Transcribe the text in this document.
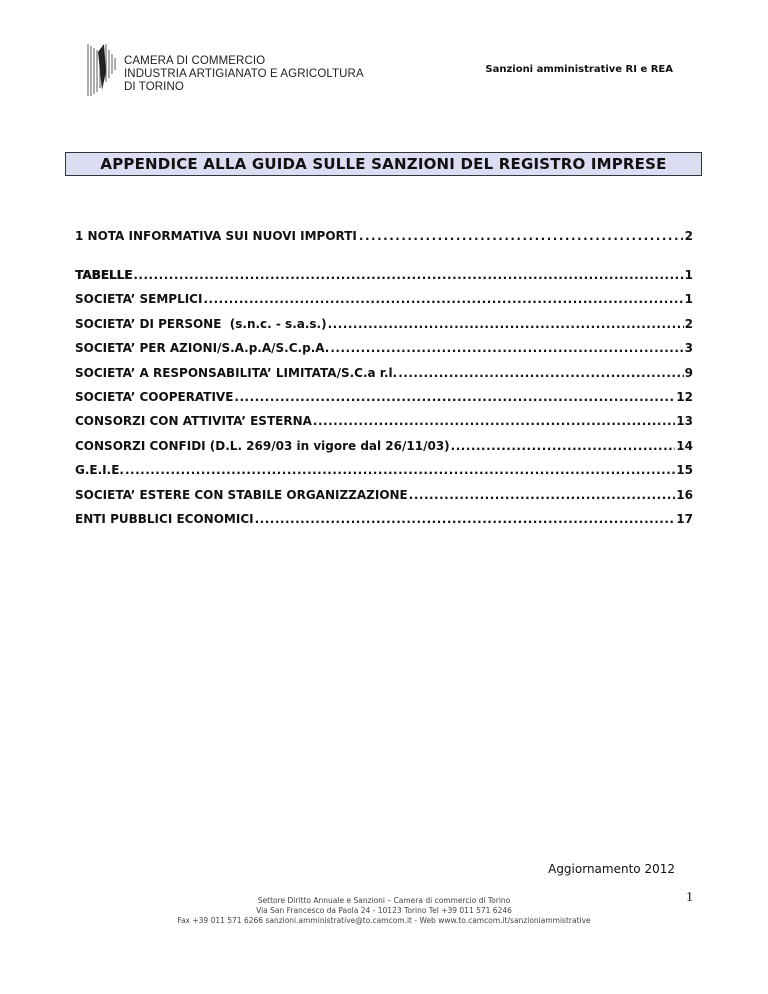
CAMERA DI COMMERCIO
INDUSTRIA ARTIGIANATO E AGRICOLTURA
DI TORINO
Sanzioni amministrative RI e REA
APPENDICE ALLA GUIDA SULLE SANZIONI DEL REGISTRO IMPRESE
1 NOTA INFORMATIVA SUI NUOVI IMPORTI .....	2
TABELLE .....	1
SOCIETA’ SEMPLICI .....	1
SOCIETA’ DI PERSONE  (s.n.c. - s.a.s.) .....	2
SOCIETA’ PER AZIONI/S.A.p.A/S.C.p.A. .....	3
SOCIETA’ A RESPONSABILITA’ LIMITATA/S.C.a r.l. .....	9
SOCIETA’ COOPERATIVE .....	12
CONSORZI CON ATTIVITA’ ESTERNA .....	13
CONSORZI CONFIDI (D.L. 269/03 in vigore dal 26/11/03) .....	14
G.E.I.E. .....	15
SOCIETA’ ESTERE CON STABILE ORGANIZZAZIONE .....	16
ENTI PUBBLICI ECONOMICI .....	17
Aggiornamento 2012
1
Settore Diritto Annuale e Sanzioni – Camera di commercio di Torino
Via San Francesco da Paola 24 - 10123 Torino Tel +39 011 571 6246
Fax +39 011 571 6266 sanzioni.amministrative@to.camcom.it - Web www.to.camcom.it/sanzioniammistrative
